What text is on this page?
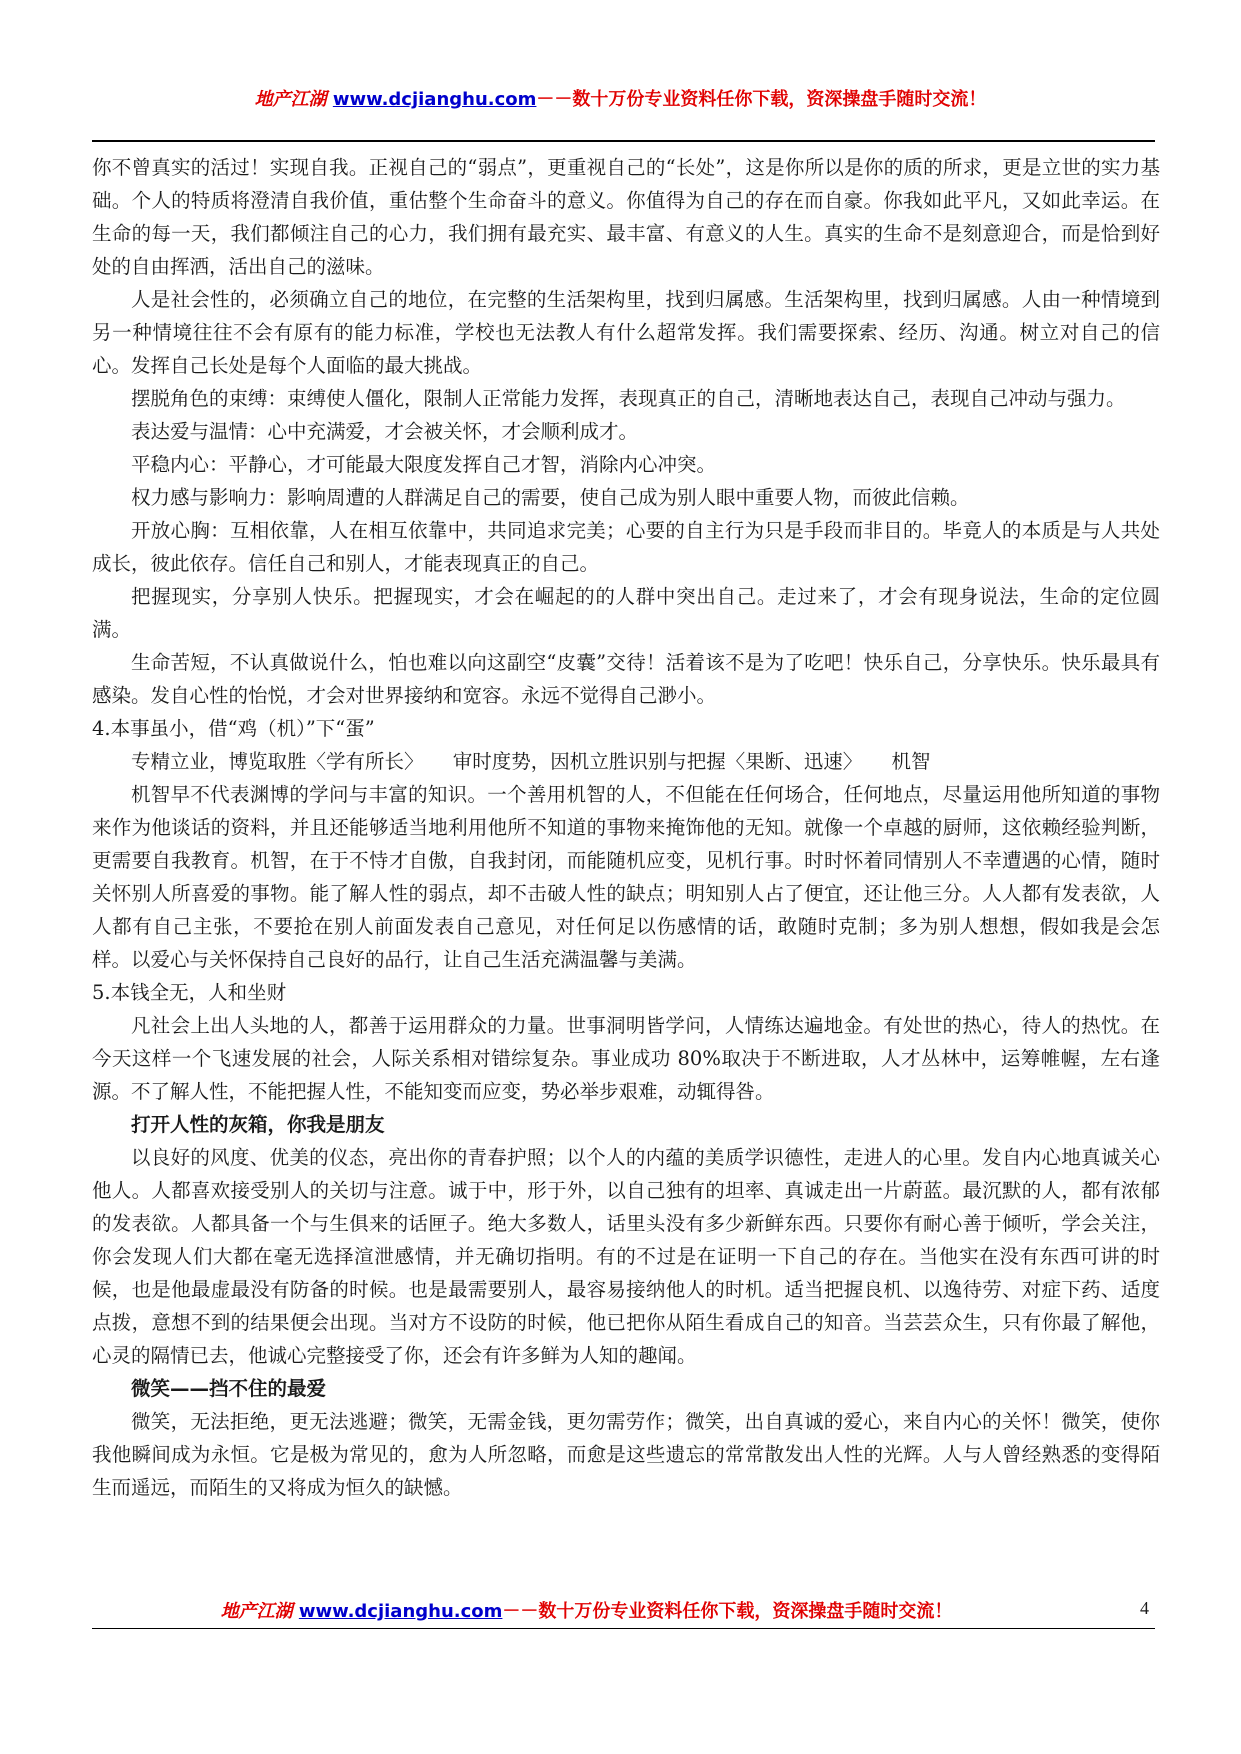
地产江湖 www.dcjianghu.com－－数十万份专业资料任你下载，资深操盘手随时交流！

你不曾真实的活过！实现自我。正视自己的“弱点”，更重视自己的“长处”，这是你所以是你的质的所求，更是立世的实力基础。个人的特质将澄清自我价值，重估整个生命奋斗的意义。你值得为自己的存在而自豪。你我如此平凡，又如此幸运。在生命的每一天，我们都倾注自己的心力，我们拥有最充实、最丰富、有意义的人生。真实的生命不是刻意迎合，而是恰到好处的自由挥洒，活出自己的滋味。

人是社会性的，必须确立自己的地位，在完整的生活架构里，找到归属感。生活架构里，找到归属感。人由一种情境到另一种情境往往不会有原有的能力标准，学校也无法教人有什么超常发挥。我们需要探索、经历、沟通。树立对自己的信心。发挥自己长处是每个人面临的最大挑战。

摆脱角色的束缚：束缚使人僵化，限制人正常能力发挥，表现真正的自己，清晰地表达自己，表现自己冲动与强力。

表达爱与温情：心中充满爱，才会被关怀，才会顺利成才。

平稳内心：平静心，才可能最大限度发挥自己才智，消除内心冲突。

权力感与影响力：影响周遭的人群满足自己的需要，使自己成为别人眼中重要人物，而彼此信赖。

开放心胸：互相依靠，人在相互依靠中，共同追求完美；心要的自主行为只是手段而非目的。毕竟人的本质是与人共处成长，彼此依存。信任自己和别人，才能表现真正的自己。

把握现实，分享别人快乐。把握现实，才会在崛起的的人群中突出自己。走过来了，才会有现身说法，生命的定位圆满。

生命苦短，不认真做说什么，怕也难以向这副空“皮囊”交待！活着该不是为了吃吧！快乐自己，分享快乐。快乐最具有感染。发自心性的怡悦，才会对世界接纳和宽容。永远不觉得自己渺小。

4.本事虽小，借“鸡（机）”下“蛋”

专精立业，博览取胜〈学有所长〉　　审时度势，因机立胜识别与把握〈果断、迅速〉　　机智

机智早不代表渊博的学问与丰富的知识。一个善用机智的人，不但能在任何场合，任何地点，尽量运用他所知道的事物来作为他谈话的资料，并且还能够适当地利用他所不知道的事物来掩饰他的无知。就像一个卓越的厨师，这依赖经验判断，更需要自我教育。机智，在于不恃才自傲，自我封闭，而能随机应变，见机行事。时时怀着同情别人不幸遭遇的心情，随时关怀别人所喜爱的事物。能了解人性的弱点，却不击破人性的缺点；明知别人占了便宜，还让他三分。人人都有发表欲，人人都有自己主张，不要抢在别人前面发表自己意见，对任何足以伤感情的话，敢随时克制；多为别人想想，假如我是会怎样。以爱心与关怀保持自己良好的品行，让自己生活充满温馨与美满。

5.本钱全无，人和坐财

凡社会上出人头地的人，都善于运用群众的力量。世事洞明皆学问，人情练达遍地金。有处世的热心，待人的热忱。在今天这样一个飞速发展的社会，人际关系相对错综复杂。事业成功 80%取决于不断进取，人才丛林中，运筹帷幄，左右逢源。不了解人性，不能把握人性，不能知变而应变，势必举步艰难，动辄得咎。

打开人性的灰箱，你我是朋友

以良好的风度、优美的仪态，亮出你的青春护照；以个人的内蕴的美质学识德性，走进人的心里。发自内心地真诚关心他人。人都喜欢接受别人的关切与注意。诚于中，形于外，以自己独有的坦率、真诚走出一片蔚蓝。最沉默的人，都有浓郁的发表欲。人都具备一个与生俱来的话匣子。绝大多数人，话里头没有多少新鲜东西。只要你有耐心善于倾听，学会关注，你会发现人们大都在毫无选择渲泄感情，并无确切指明。有的不过是在证明一下自己的存在。当他实在没有东西可讲的时候，也是他最虚最没有防备的时候。也是最需要别人，最容易接纳他人的时机。适当把握良机、以逸待劳、对症下药、适度点拨，意想不到的结果便会出现。当对方不设防的时候，他已把你从陌生看成自己的知音。当芸芸众生，只有你最了解他，心灵的隔情已去，他诚心完整接受了你，还会有许多鲜为人知的趣闻。

微笑——挡不住的最爱

微笑，无法拒绝，更无法逃避；微笑，无需金钱，更勿需劳作；微笑，出自真诚的爱心，来自内心的关怀！微笑，使你我他瞬间成为永恒。它是极为常见的，愈为人所忽略，而愈是这些遗忘的常常散发出人性的光辉。人与人曾经熟悉的变得陌生而遥远，而陌生的又将成为恒久的缺憾。

地产江湖 www.dcjianghu.com－－数十万份专业资料任你下载，资深操盘手随时交流！	4
